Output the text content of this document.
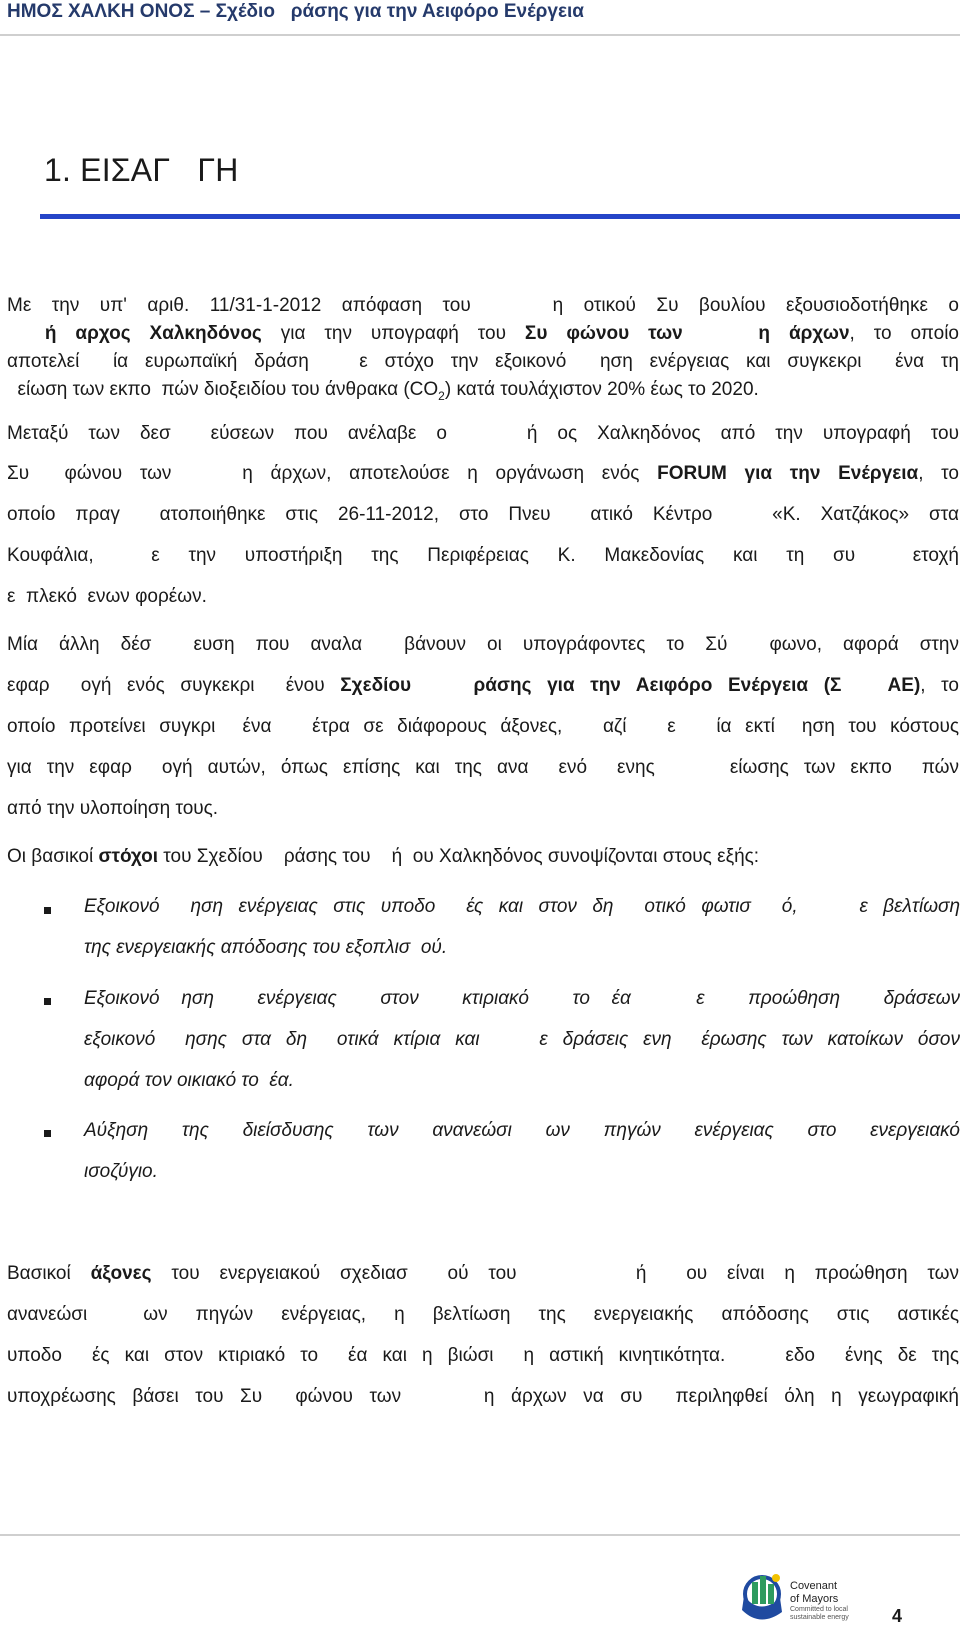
ΗΜΟΣ ΧΑΛΚΗ ΟΝΟΣ – Σχέδιο   ράσης για την Αειφόρο Ενέργεια
1. ΕΙΣΑΓ   ΓΗ
Με την υπ' αριθ. 11/31-1-2012 απόφαση του    η οτικού Συ βουλίου εξουσιοδοτήθηκε ο
ή αρχος Χαλκηδόνος για την υπογραφή του Συ φώνου των    η άρχων, το οποίο
αποτελεί  ία ευρωπαϊκή δράση   ε στόχο την εξοικονό  ηση ενέργειας και συγκεκρι  ένα τη
είωση των εκπο  πών διοξειδίου του άνθρακα $(CO_2)$ κατά τουλάχιστον 20% έως το 2020.
Μεταξύ των δεσ  εύσεων που ανέλαβε ο    ή ος Χαλκηδόνος από την υπογραφή του
Συ  φώνου των    η άρχων, αποτελούσε η οργάνωση ενός FORUM για την Ενέργεια, το
οποίο πραγ  ατοποιήθηκε στις 26-11-2012, στο Πνευ  ατικό Κέντρο   «Κ. Χατζάκος» στα
Κουφάλια,    ε  την  υποστήριξη  της  Περιφέρειας  Κ.  Μακεδονίας  και  τη  συ    ετοχή
ε  πλεκό  ενων φορέων.
Μία άλλη δέσ  ευση που αναλα  βάνουν οι υπογράφοντες το Σύ  φωνο, αφορά στην
εφαρ  ογή ενός συγκεκρι  ένου Σχεδίου    ράσης για την Αειφόρο Ενέργεια (Σ   ΑΕ), το
οποίο προτείνει συγκρι  ένα   έτρα σε διάφορους άξονες,   αζί   ε   ία εκτί  ηση του κόστους
για την εφαρ  ογή αυτών, όπως επίσης και της ανα  ενό  ενης     είωσης των εκπο  πών
από την υλοποίηση τους.
Οι βασικοί στόχοι του Σχεδίου    ράσης του    ή  ου Χαλκηδόνος συνοψίζονται στους εξής:
Εξοικονό  ηση ενέργειας στις υποδο  ές και στον δη  οτικό φωτισ  ό,    ε βελτίωση
της ενεργειακής απόδοσης του εξοπλισ  ού.
Εξοικονό  ηση    ενέργειας    στον    κτιριακό    το  έα      ε    προώθηση    δράσεων
εξοικονό  ησης στα δη  οτικά κτίρια και    ε δράσεις ενη  έρωσης των κατοίκων όσον
αφορά τον οικιακό το  έα.
Αύξηση  της  διείσδυσης  των  ανανεώσι  ων  πηγών  ενέργειας  στο  ενεργειακό
ισοζύγιο.
Βασικοί άξονες του ενεργειακού σχεδιασ  ού του      ή  ου είναι η προώθηση των
ανανεώσι  ων πηγών ενέργειας, η βελτίωση της ενεργειακής απόδοσης στις αστικές
υποδο  ές και στον κτιριακό το  έα και η βιώσι  η αστική κινητικότητα.    εδο  ένης δε της
υποχρέωσης βάσει του Συ  φώνου των     η άρχων να συ  περιληφθεί όλη η γεωγραφική
Covenant
of Mayors
Committed to local
sustainable energy 4
